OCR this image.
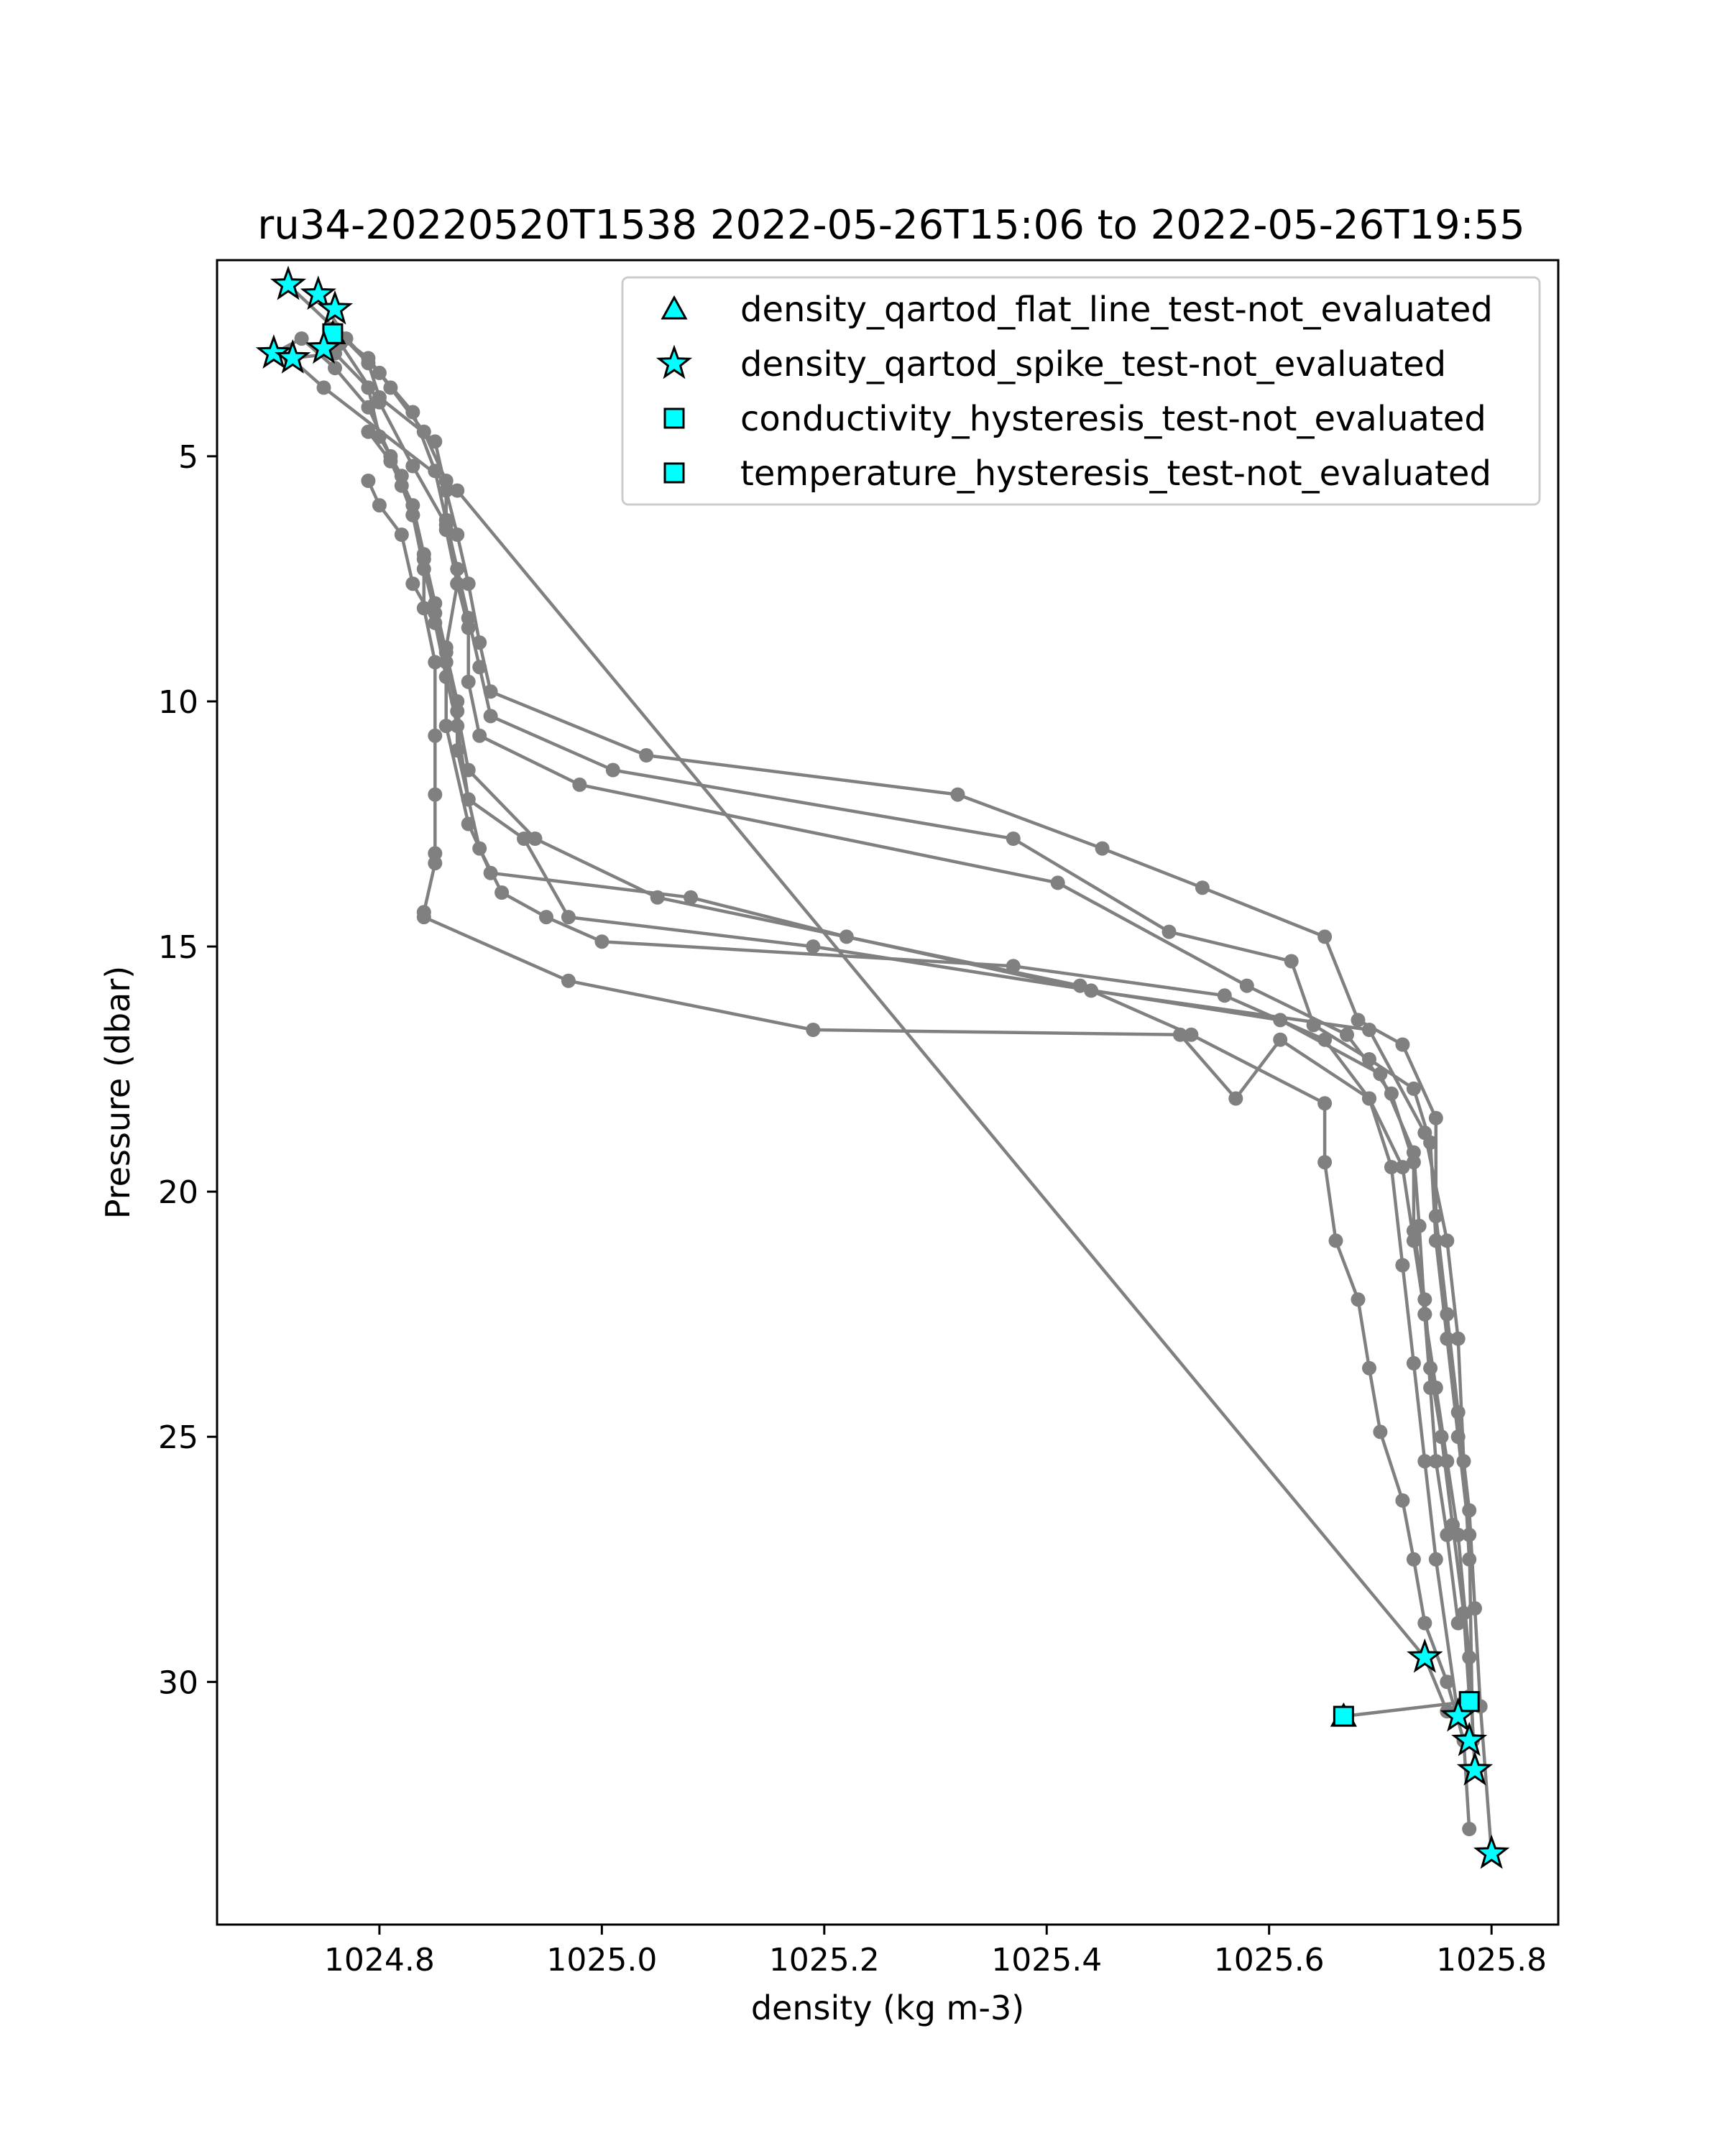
ru34-20220520T1538 2022-05-26T15:06 to 2022-05-26T19:55
1024.8	1025.0	1025.2	1025.4	1025.6	1025.8
5
10
15
20
25
30
density (kg m-3)
Pressure (dbar)
density_qartod_flat_line_test-not_evaluated
density_qartod_spike_test-not_evaluated
conductivity_hysteresis_test-not_evaluated
temperature_hysteresis_test-not_evaluated
